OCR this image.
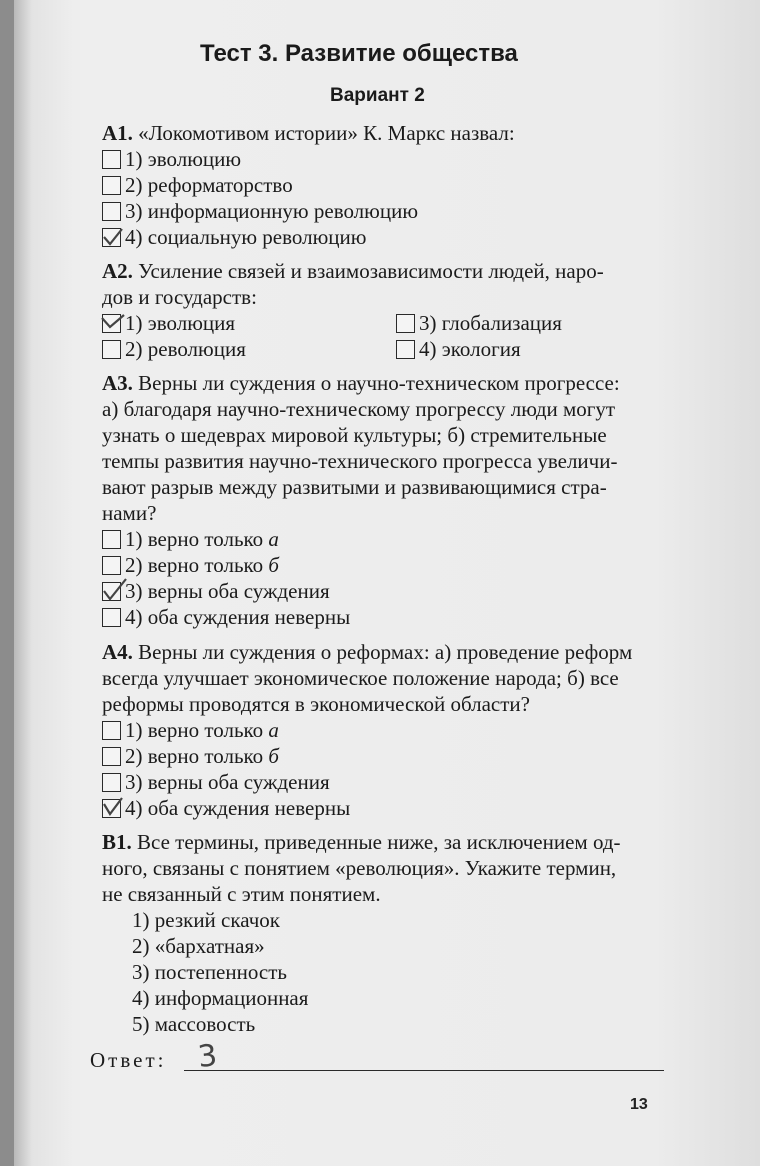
Тест 3. Развитие общества
Вариант 2
А1. «Локомотивом истории» К. Маркс назвал:
1) эволюцию
2) реформаторство
3) информационную революцию
4) социальную революцию
А2. Усиление связей и взаимозависимости людей, наро-
дов и государств:
1) эволюция
2) революция
3) глобализация
4) экология
А3. Верны ли суждения о научно-техническом прогрессе:
а) благодаря научно-техническому прогрессу люди могут
узнать о шедеврах мировой культуры; б) стремительные
темпы развития научно-технического прогресса увеличи-
вают разрыв между развитыми и развивающимися стра-
нами?
1) верно только а
2) верно только б
3) верны оба суждения
4) оба суждения неверны
А4. Верны ли суждения о реформах: а) проведение реформ
всегда улучшает экономическое положение народа; б) все
реформы проводятся в экономической области?
1) верно только а
2) верно только б
3) верны оба суждения
4) оба суждения неверны
В1. Все термины, приведенные ниже, за исключением од-
ного, связаны с понятием «революция». Укажите термин,
не связанный с этим понятием.
1) резкий скачок
2) «бархатная»
3) постепенность
4) информационная
5) массовость
Ответ: 3
13
